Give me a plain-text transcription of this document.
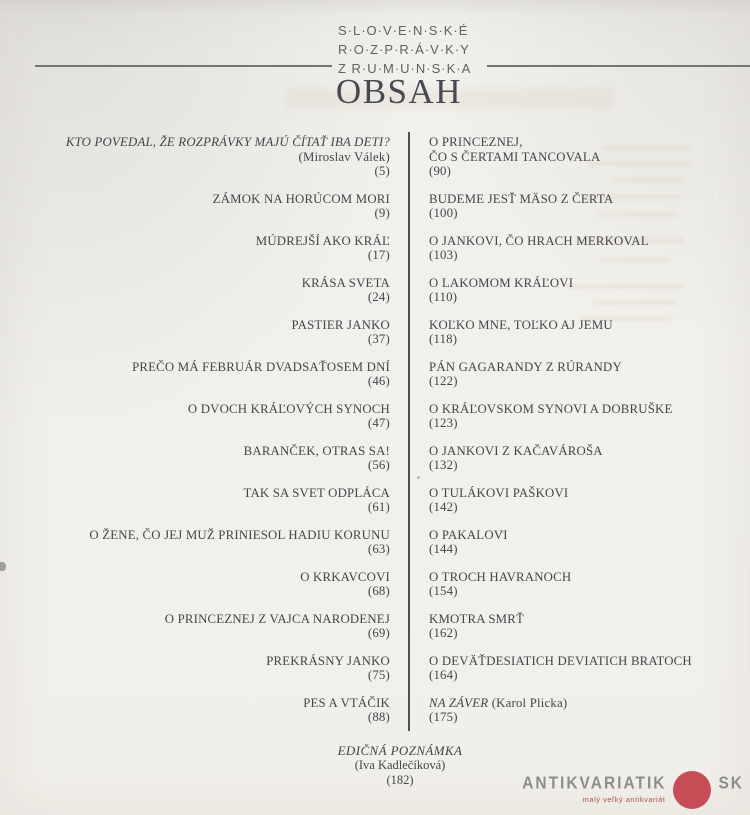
S·L·O·V·E·N·S·K·É
R·O·Z·P·R·Á·V·K·Y
Z R·U·M·U·N·S·K·A
OBSAH
KTO POVEDAL, ŽE ROZPRÁVKY MAJÚ ČÍTAŤ IBA DETI?
(Miroslav Válek)
(5)
O PRINCEZNEJ,
ČO S ČERTAMI TANCOVALA
(90)
ZÁMOK NA HORÚCOM MORI
(9)
BUDEME JESŤ MÄSO Z ČERTA
(100)
MÚDREJŠÍ AKO KRÁĽ
(17)
O JANKOVI, ČO HRACH MERKOVAL
(103)
KRÁSA SVETA
(24)
O LAKOMOM KRÁĽOVI
(110)
PASTIER JANKO
(37)
KOĽKO MNE, TOĽKO AJ JEMU
(118)
PREČO MÁ FEBRUÁR DVADSAŤOSEM DNÍ
(46)
PÁN GAGARANDY Z RÚRANDY
(122)
O DVOCH KRÁĽOVÝCH SYNOCH
(47)
O KRÁĽOVSKOM SYNOVI A DOBRUŠKE
(123)
BARANČEK, OTRAS SA!
(56)
O JANKOVI Z KAČAVÁROŠA
(132)
TAK SA SVET ODPLÁCA
(61)
O TULÁKOVI PAŠKOVI
(142)
O ŽENE, ČO JEJ MUŽ PRINIESOL HADIU KORUNU
(63)
O PAKALOVI
(144)
O KRKAVCOVI
(68)
O TROCH HAVRANOCH
(154)
O PRINCEZNEJ Z VAJCA NARODENEJ
(69)
KMOTRA SMRŤ
(162)
PREKRÁSNY JANKO
(75)
O DEVÄŤDESIATICH DEVIATICH BRATOCH
(164)
PES A VTÁČIK
(88)
NA ZÁVER (Karol Plicka)
(175)
EDIČNÁ POZNÁMKA
(Iva Kadlečíková)
(182)	ANTIKVARIATIK
malý veľký antikvariát
SK
